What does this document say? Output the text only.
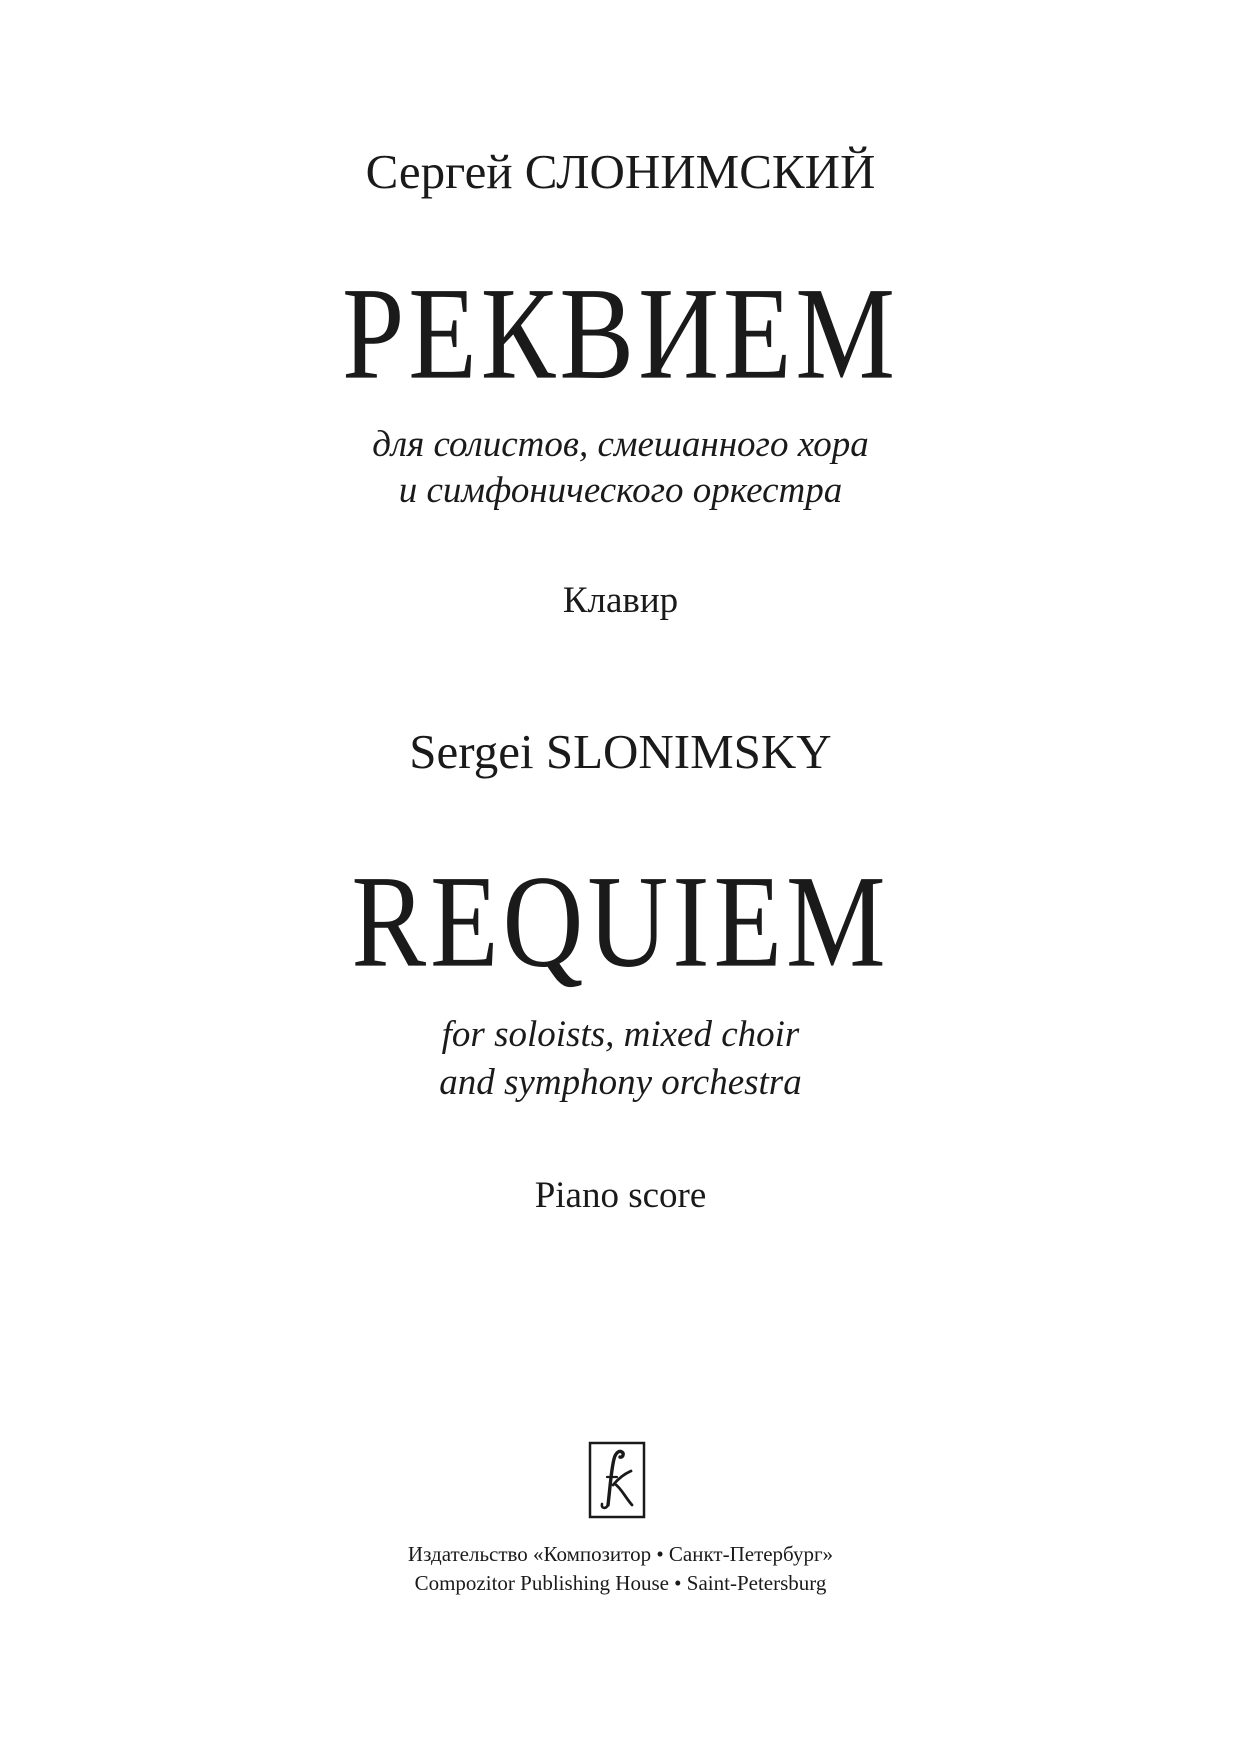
Сергей СЛОНИМСКИЙ
РЕКВИЕМ
для солистов, смешанного хора
и симфонического оркестра
Клавир
Sergei SLONIMSKY
REQUIEM
for soloists, mixed choir
and symphony orchestra
Piano score
Издательство «Композитор • Санкт-Петербург»
Compozitor Publishing House • Saint-Petersburg
